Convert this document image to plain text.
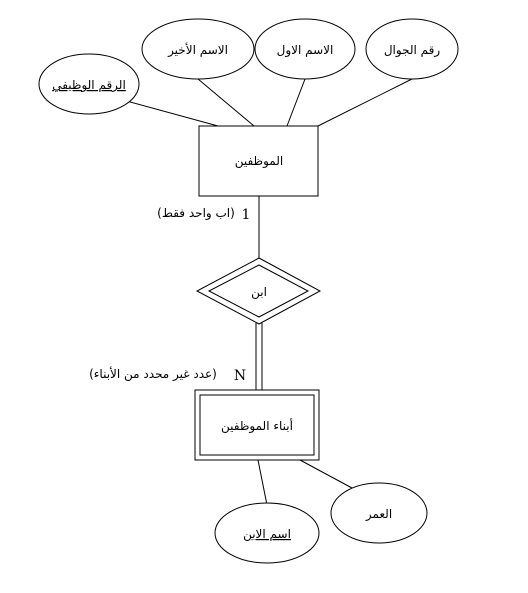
الرقم الوظيفي
الاسم الأخير	الاسم الاول	رقم الجوال
الموظفين
ابن
أبناء الموظفين
اسم الابن
العمر
1
(اب واحد فقط)
N
(عدد غير محدد من الأبناء)
